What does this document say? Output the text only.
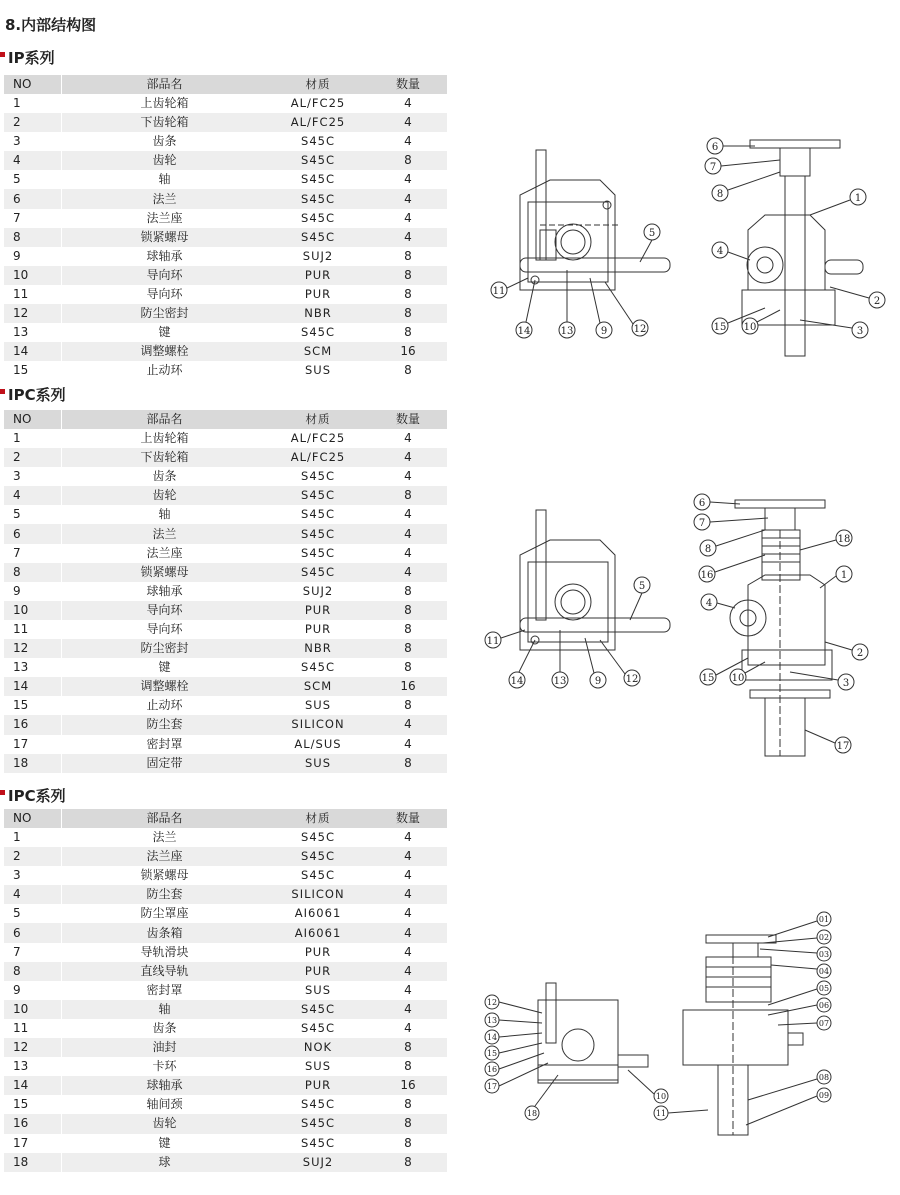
8.内部结构图
IP系列
NO	部品名	材质	数量
1	上齿轮箱	AL/FC25	4
2	下齿轮箱	AL/FC25	4
3	齿条	S45C	4
4	齿轮	S45C	8
5	轴	S45C	4
6	法兰	S45C	4
7	法兰座	S45C	4
8	锁紧螺母	S45C	4
9	球轴承	SUJ2	8
10	导向环	PUR	8
11	导向环	PUR	8
12	防尘密封	NBR	8
13	键	S45C	8
14	调整螺栓	SCM	16
15	止动环	SUS	8
IPC系列
NO	部品名	材质	数量
1	上齿轮箱	AL/FC25	4
2	下齿轮箱	AL/FC25	4
3	齿条	S45C	4
4	齿轮	S45C	8
5	轴	S45C	4
6	法兰	S45C	4
7	法兰座	S45C	4
8	锁紧螺母	S45C	4
9	球轴承	SUJ2	8
10	导向环	PUR	8
11	导向环	PUR	8
12	防尘密封	NBR	8
13	键	S45C	8
14	调整螺栓	SCM	16
15	止动环	SUS	8
16	防尘套	SILICON	4
17	密封罩	AL/SUS	4
18	固定带	SUS	8
IPC系列
NO	部品名	材质	数量
1	法兰	S45C	4
2	法兰座	S45C	4
3	锁紧螺母	S45C	4
4	防尘套	SILICON	4
5	防尘罩座	AI6061	4
6	齿条箱	AI6061	4
7	导轨滑块	PUR	4
8	直线导轨	PUR	4
9	密封罩	SUS	4
10	轴	S45C	4
11	齿条	S45C	4
12	油封	NOK	8
13	卡环	SUS	8
14	球轴承	PUR	16
15	轴间颈	S45C	8
16	齿轮	S45C	8
17	键	S45C	8
18	球	SUJ2	8
5
11
14	13	9	12
6
7
8	1
4
2
15 10	3
5
11
14	13	9 12
6
7
8
18
16	1
4
2
15 10	3
17
12
13
14
15
16
17
18
10
11
01
02
03
04
05
06
07
08
09
